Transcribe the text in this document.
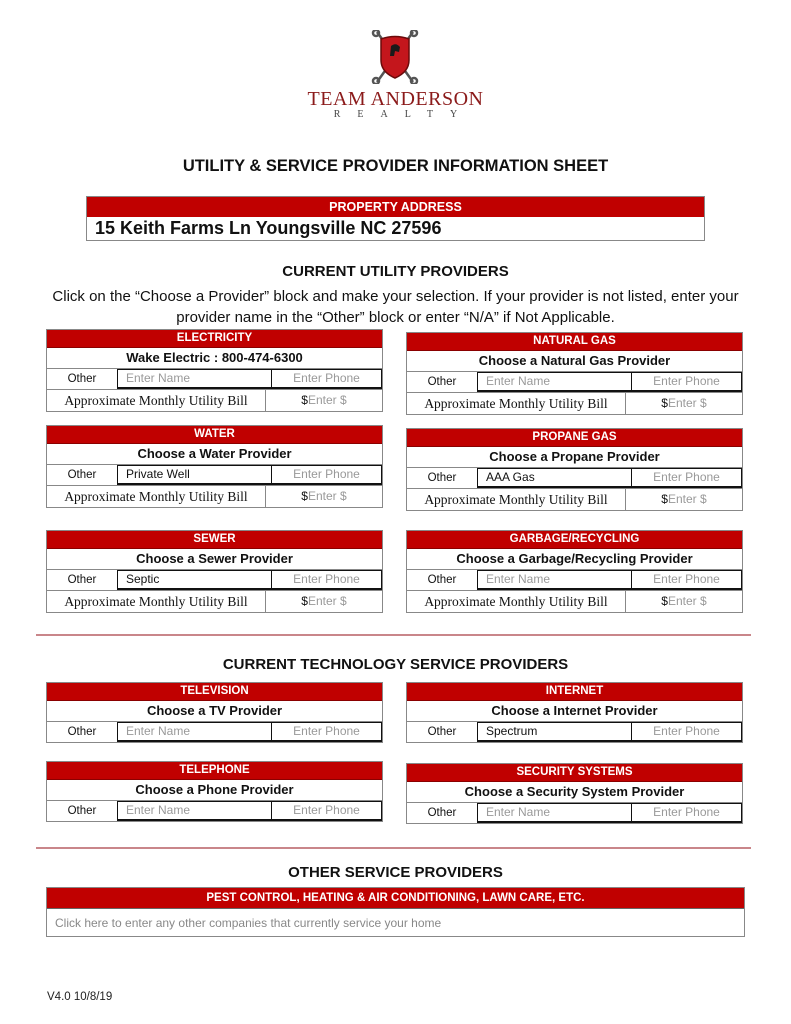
TEAM ANDERSON
REALTY
UTILITY & SERVICE PROVIDER INFORMATION SHEET
PROPERTY ADDRESS
15 Keith Farms Ln Youngsville NC 27596
CURRENT UTILITY PROVIDERS
Click on the “Choose a Provider” block and make your selection. If your provider is not listed, enter your provider name in the “Other” block or enter “N/A” if Not Applicable.
ELECTRICITY
Wake Electric : 800-474-6300
Other	Enter Name	Enter Phone
Approximate Monthly Utility Bill	$Enter $
NATURAL GAS
Choose a Natural Gas Provider
Other	Enter Name	Enter Phone
Approximate Monthly Utility Bill	$Enter $
WATER
Choose a Water Provider
Other	Private Well	Enter Phone
Approximate Monthly Utility Bill	$Enter $
PROPANE GAS
Choose a Propane Provider
Other	AAA Gas	Enter Phone
Approximate Monthly Utility Bill	$Enter $
SEWER
Choose a Sewer Provider
Other	Septic	Enter Phone
Approximate Monthly Utility Bill	$Enter $
GARBAGE/RECYCLING
Choose a Garbage/Recycling Provider
Other	Enter Name	Enter Phone
Approximate Monthly Utility Bill	$Enter $
CURRENT TECHNOLOGY SERVICE PROVIDERS
TELEVISION
Choose a TV Provider
Other	Enter Name	Enter Phone
INTERNET
Choose a Internet Provider
Other	Spectrum	Enter Phone
TELEPHONE
Choose a Phone Provider
Other	Enter Name	Enter Phone
SECURITY SYSTEMS
Choose a Security System Provider
Other	Enter Name	Enter Phone
OTHER SERVICE PROVIDERS
PEST CONTROL, HEATING & AIR CONDITIONING, LAWN CARE, ETC.
Click here to enter any other companies that currently service your home
V4.0 10/8/19
